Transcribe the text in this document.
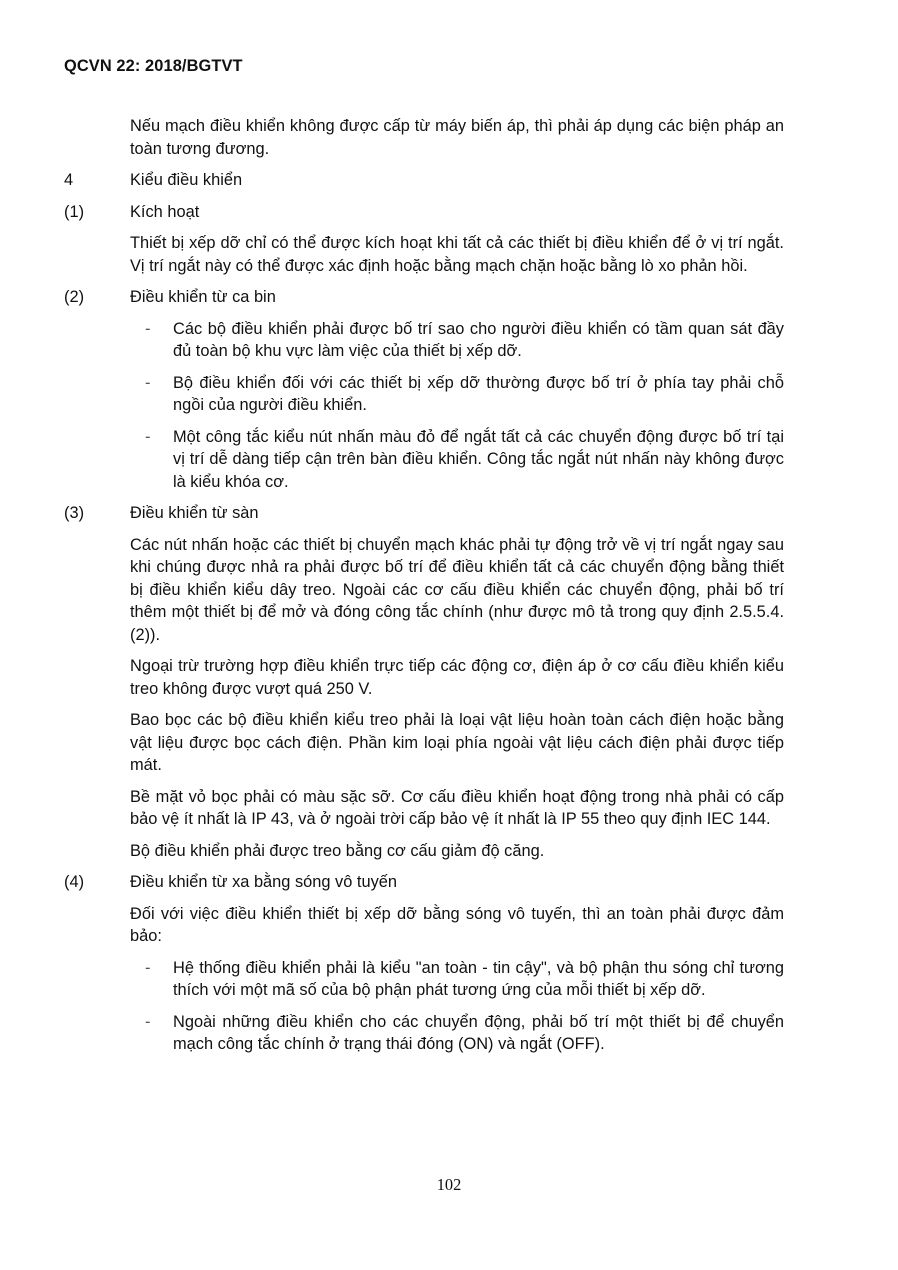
QCVN 22: 2018/BGTVT

Nếu mạch điều khiển không được cấp từ máy biến áp, thì phải áp dụng các biện pháp an toàn tương đương.

4	Kiểu điều khiển
(1)	Kích hoạt

Thiết bị xếp dỡ chỉ có thể được kích hoạt khi tất cả các thiết bị điều khiển để ở vị trí ngắt. Vị trí ngắt này có thể được xác định hoặc bằng mạch chặn hoặc bằng lò xo phản hồi.

(2)	Điều khiển từ ca bin
- Các bộ điều khiển phải được bố trí sao cho người điều khiển có tầm quan sát đầy đủ toàn bộ khu vực làm việc của thiết bị xếp dỡ.
- Bộ điều khiển đối với các thiết bị xếp dỡ thường được bố trí ở phía tay phải chỗ ngồi của người điều khiển.
- Một công tắc kiểu nút nhấn màu đỏ để ngắt tất cả các chuyển động được bố trí tại vị trí dễ dàng tiếp cận trên bàn điều khiển. Công tắc ngắt nút nhấn này không được là kiểu khóa cơ.
(3)	Điều khiển từ sàn

Các nút nhấn hoặc các thiết bị chuyển mạch khác phải tự động trở về vị trí ngắt ngay sau khi chúng được nhả ra phải được bố trí để điều khiển tất cả các chuyển động bằng thiết bị điều khiển kiểu dây treo. Ngoài các cơ cấu điều khiển các chuyển động, phải bố trí thêm một thiết bị để mở và đóng công tắc chính (như được mô tả trong quy định 2.5.5.4.(2)).

Ngoại trừ trường hợp điều khiển trực tiếp các động cơ, điện áp ở cơ cấu điều khiển kiểu treo không được vượt quá 250 V.

Bao bọc các bộ điều khiển kiểu treo phải là loại vật liệu hoàn toàn cách điện hoặc bằng vật liệu được bọc cách điện. Phần kim loại phía ngoài vật liệu cách điện phải được tiếp mát.

Bề mặt vỏ bọc phải có màu sặc sỡ. Cơ cấu điều khiển hoạt động trong nhà phải có cấp bảo vệ ít nhất là IP 43, và ở ngoài trời cấp bảo vệ ít nhất là IP 55 theo quy định IEC 144.

Bộ điều khiển phải được treo bằng cơ cấu giảm độ căng.

(4)	Điều khiển từ xa bằng sóng vô tuyến

Đối với việc điều khiển thiết bị xếp dỡ bằng sóng vô tuyến, thì an toàn phải được đảm bảo:

- Hệ thống điều khiển phải là kiểu "an toàn - tin cậy", và bộ phận thu sóng chỉ tương thích với một mã số của bộ phận phát tương ứng của mỗi thiết bị xếp dỡ.
- Ngoài những điều khiển cho các chuyển động, phải bố trí một thiết bị để chuyển mạch công tắc chính ở trạng thái đóng (ON) và ngắt (OFF).
102
